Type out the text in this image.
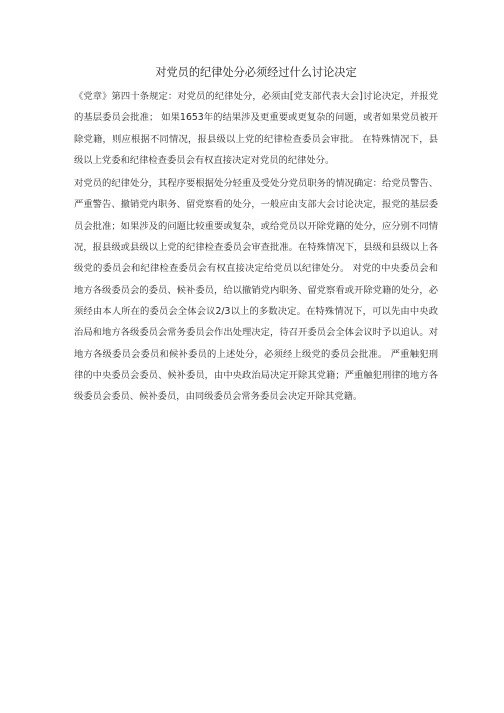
对党员的纪律处分必须经过什么讨论决定

《党章》第四十条规定：对党员的纪律处分，必须由[党支部代表大会]讨论决定，并报党的基层委员会批准； 如果1653年的结果涉及更重要或更复杂的问题，或者如果党员被开除党籍，则应根据不同情况，报县级以上党的纪律检查委员会审批。 在特殊情况下，县级以上党委和纪律检查委员会有权直接决定对党员的纪律处分。

对党员的纪律处分，其程序要根据处分轻重及受处分党员职务的情况确定：给党员警告、严重警告、撤销党内职务、留党察看的处分，一般应由支部大会讨论决定，报党的基层委员会批准；如果涉及的问题比较重要或复杂，或给党员以开除党籍的处分，应分别不同情况，报县级或县级以上党的纪律检查委员会审查批准。在特殊情况下，县级和县级以上各级党的委员会和纪律检查委员会有权直接决定给党员以纪律处分。 对党的中央委员会和地方各级委员会的委员、候补委员，给以撤销党内职务、留党察看或开除党籍的处分，必须经由本人所在的委员会全体会议2/3以上的多数决定。在特殊情况下，可以先由中央政治局和地方各级委员会常务委员会作出处理决定，待召开委员会全体会议时予以追认。对地方各级委员会委员和候补委员的上述处分，必须经上级党的委员会批准。 严重触犯刑律的中央委员会委员、候补委员，由中央政治局决定开除其党籍；严重触犯刑律的地方各级委员会委员、候补委员，由同级委员会常务委员会决定开除其党籍。
